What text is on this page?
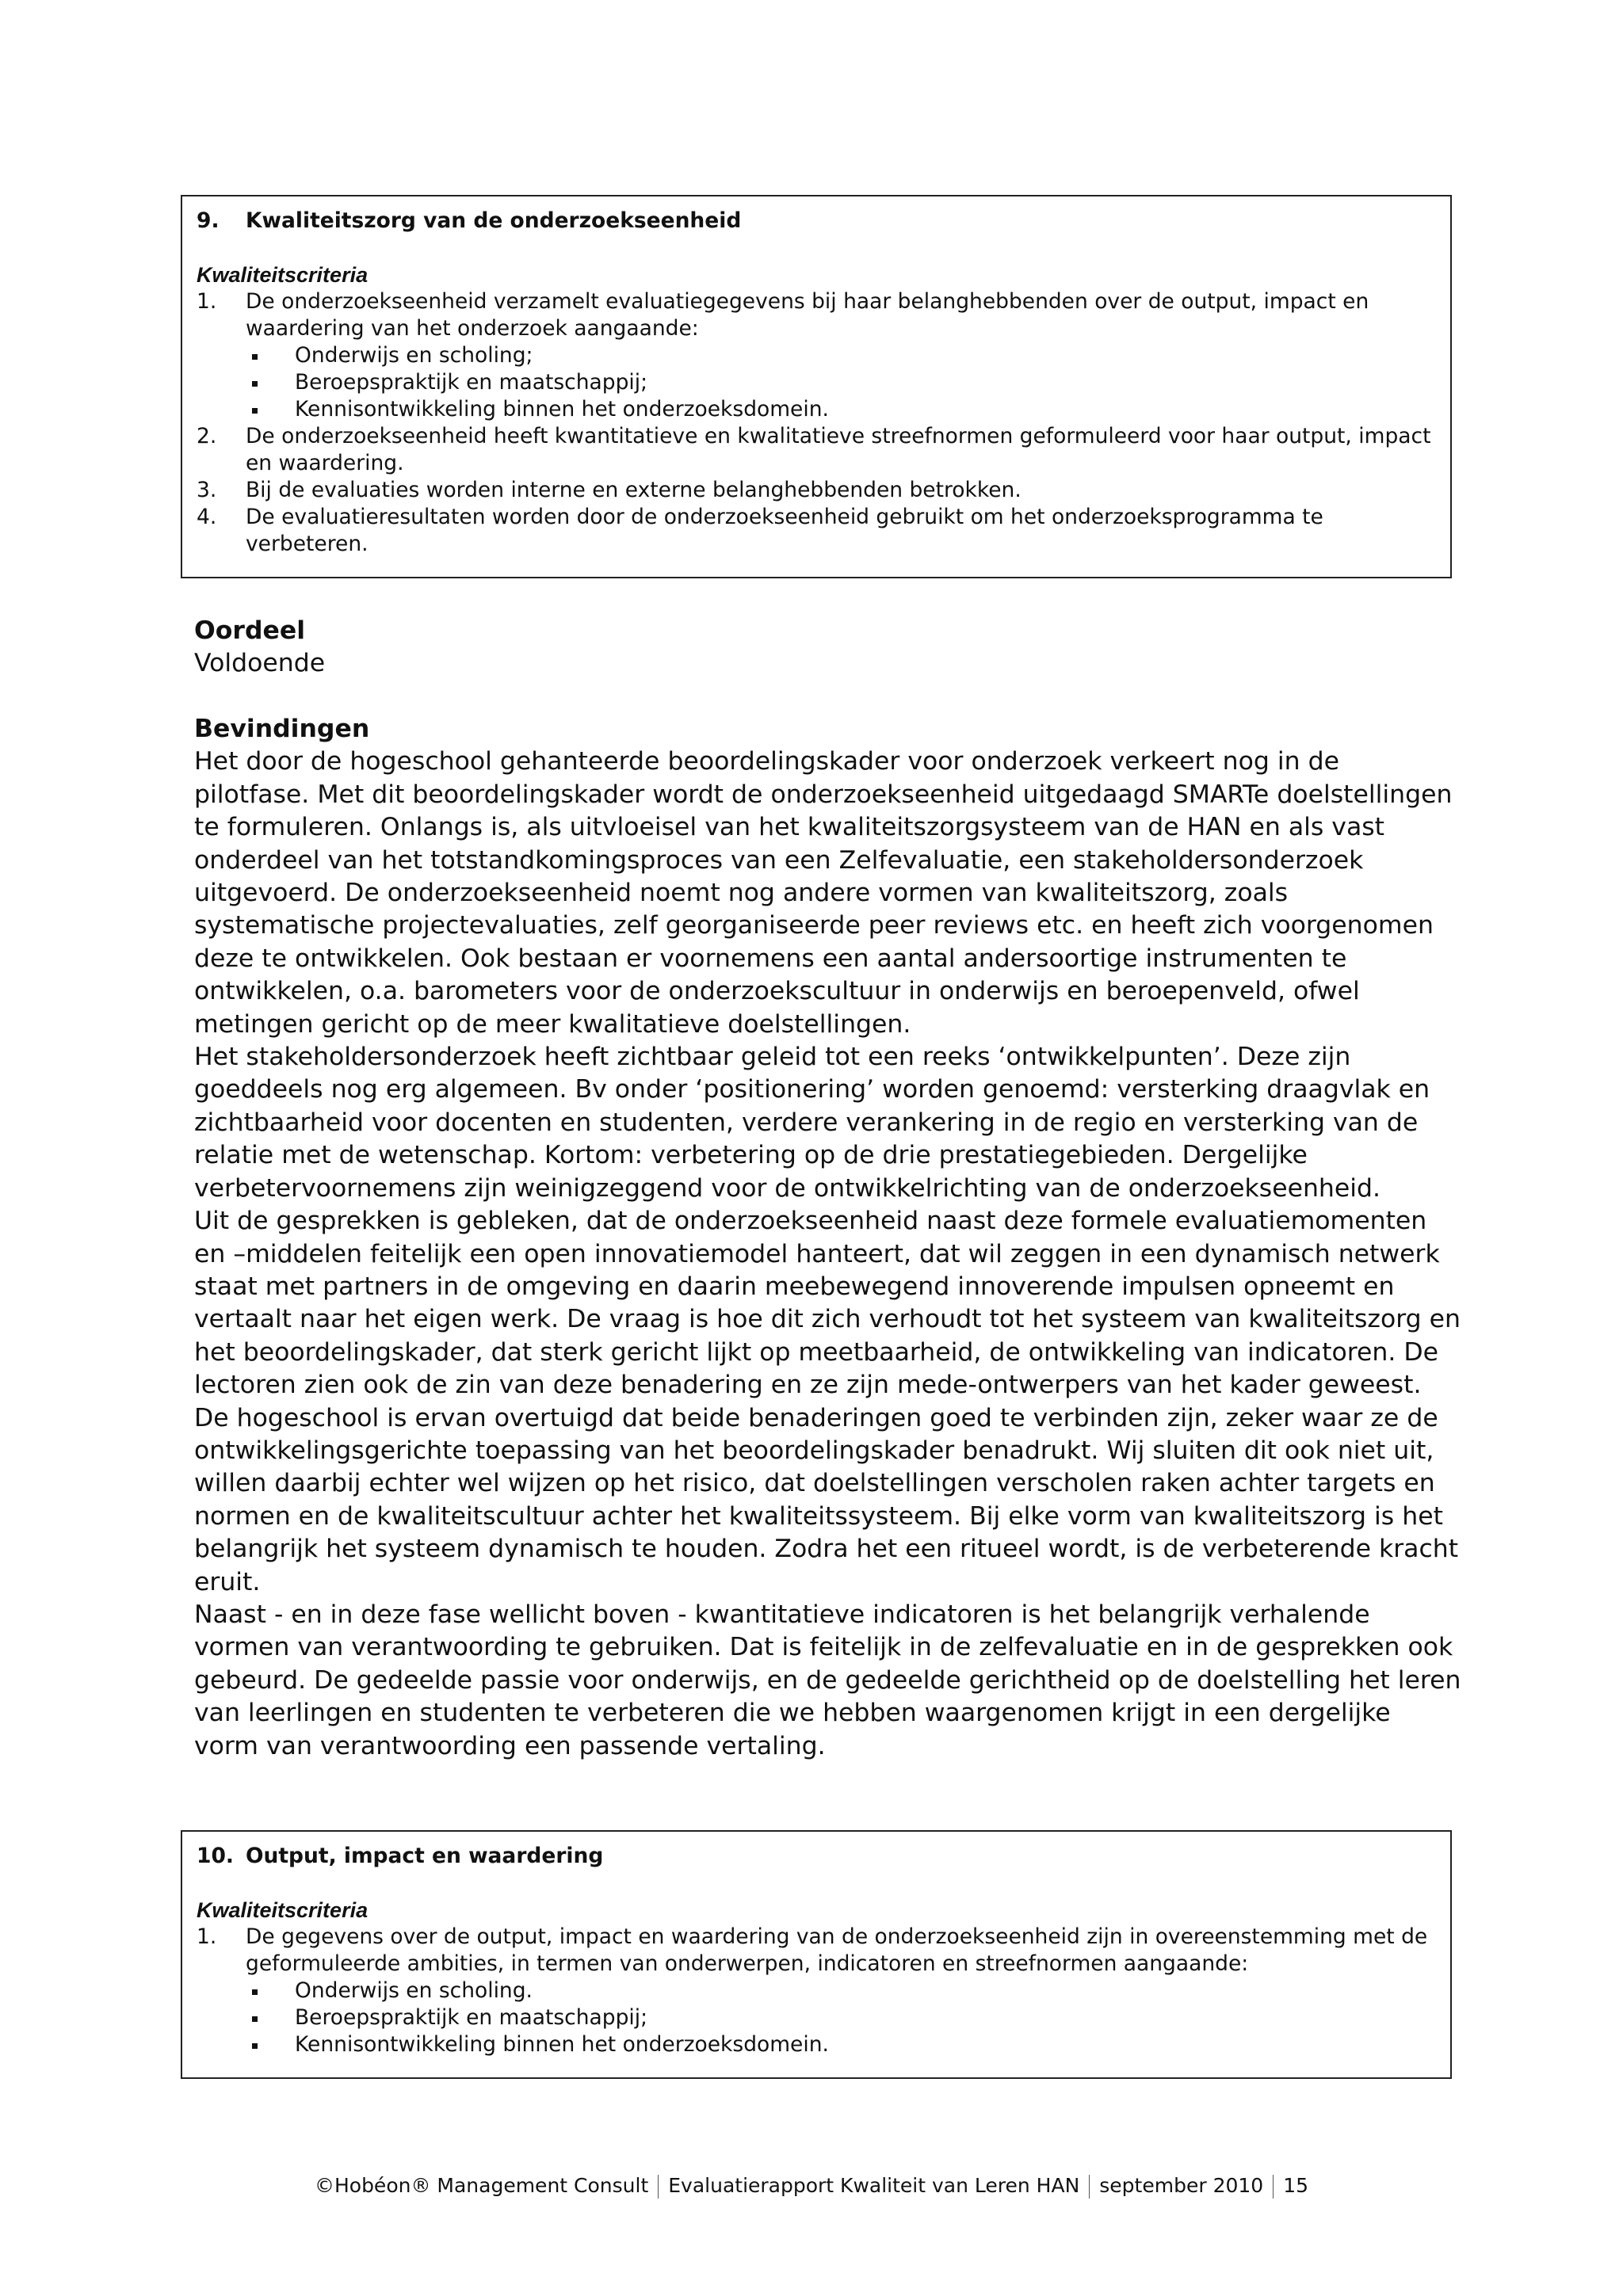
9.	Kwaliteitszorg van de onderzoekseenheid
Kwaliteitscriteria
1.	De onderzoekseenheid verzamelt evaluatiegegevens bij haar belanghebbenden over de output, impact en waardering van het onderzoek aangaande:
Onderwijs en scholing;
Beroepspraktijk en maatschappij;
Kennisontwikkeling binnen het onderzoeksdomein.
2.	De onderzoekseenheid heeft kwantitatieve en kwalitatieve streefnormen geformuleerd voor haar output, impact en waardering.
3.	Bij de evaluaties worden interne en externe belanghebbenden betrokken.
4.	De evaluatieresultaten worden door de onderzoekseenheid gebruikt om het onderzoeksprogramma te verbeteren.
Oordeel
Voldoende
Bevindingen

Het door de hogeschool gehanteerde beoordelingskader voor onderzoek verkeert nog in de pilotfase. Met dit beoordelingskader wordt de onderzoekseenheid uitgedaagd SMARTe doelstellingen te formuleren. Onlangs is, als uitvloeisel van het kwaliteitszorgsysteem van de HAN en als vast onderdeel van het totstandkomingsproces van een Zelfevaluatie, een stakeholdersonderzoek uitgevoerd. De onderzoekseenheid noemt nog andere vormen van kwaliteitszorg, zoals systematische projectevaluaties, zelf georganiseerde peer reviews etc. en heeft zich voorgenomen deze te ontwikkelen. Ook bestaan er voornemens een aantal andersoortige instrumenten te ontwikkelen, o.a. barometers voor de onderzoekscultuur in onderwijs en beroepenveld, ofwel metingen gericht op de meer kwalitatieve doelstellingen.

Het stakeholdersonderzoek heeft zichtbaar geleid tot een reeks ‘ontwikkelpunten’. Deze zijn goeddeels nog erg algemeen. Bv onder ‘positionering’ worden genoemd: versterking draagvlak en zichtbaarheid voor docenten en studenten, verdere verankering in de regio en versterking van de relatie met de wetenschap. Kortom: verbetering op de drie prestatiegebieden. Dergelijke verbetervoornemens zijn weinigzeggend voor de ontwikkelrichting van de onderzoekseenheid.

Uit de gesprekken is gebleken, dat de onderzoekseenheid naast deze formele evaluatiemomenten en –middelen feitelijk een open innovatiemodel hanteert, dat wil zeggen in een dynamisch netwerk staat met partners in de omgeving en daarin meebewegend innoverende impulsen opneemt en vertaalt naar het eigen werk. De vraag is hoe dit zich verhoudt tot het systeem van kwaliteitszorg en het beoordelingskader, dat sterk gericht lijkt op meetbaarheid, de ontwikkeling van indicatoren. De lectoren zien ook de zin van deze benadering en ze zijn mede-ontwerpers van het kader geweest. De hogeschool is ervan overtuigd dat beide benaderingen goed te verbinden zijn, zeker waar ze de ontwikkelingsgerichte toepassing van het beoordelingskader benadrukt. Wij sluiten dit ook niet uit, willen daarbij echter wel wijzen op het risico, dat doelstellingen verscholen raken achter targets en normen en de kwaliteitscultuur achter het kwaliteitssysteem. Bij elke vorm van kwaliteitszorg is het belangrijk het systeem dynamisch te houden. Zodra het een ritueel wordt, is de verbeterende kracht eruit.

Naast - en in deze fase wellicht boven - kwantitatieve indicatoren is het belangrijk verhalende vormen van verantwoording te gebruiken. Dat is feitelijk in de zelfevaluatie en in de gesprekken ook gebeurd. De gedeelde passie voor onderwijs, en de gedeelde gerichtheid op de doelstelling het leren van leerlingen en studenten te verbeteren die we hebben waargenomen krijgt in een dergelijke vorm van verantwoording een passende vertaling.

10. Output, impact en waardering
Kwaliteitscriteria
1.	De gegevens over de output, impact en waardering van de onderzoekseenheid zijn in overeenstemming met de geformuleerde ambities, in termen van onderwerpen, indicatoren en streefnormen aangaande:
Onderwijs en scholing.
Beroepspraktijk en maatschappij;
Kennisontwikkeling binnen het onderzoeksdomein.
©Hobéon® Management Consult Evaluatierapport Kwaliteit van Leren HAN september 2010 15
